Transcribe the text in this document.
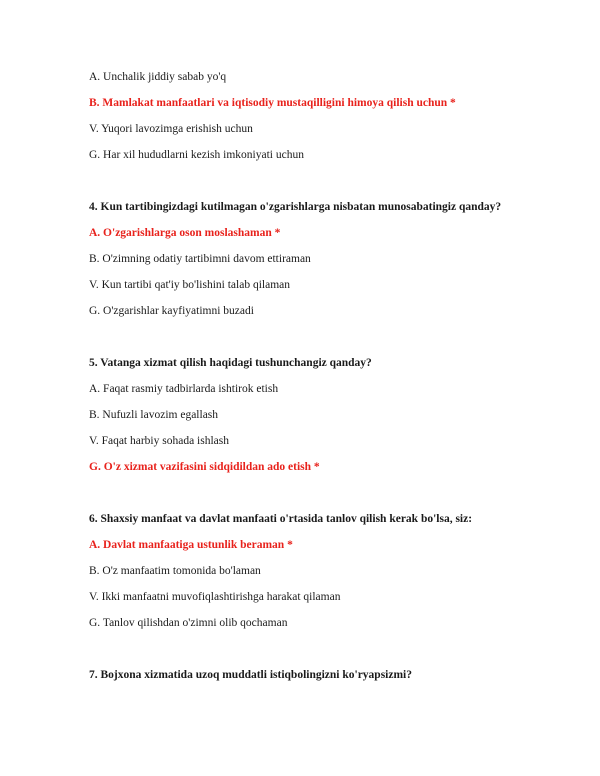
A. Unchalik jiddiy sabab yo'q
B. Mamlakat manfaatlari va iqtisodiy mustaqilligini himoya qilish uchun *
V. Yuqori lavozimga erishish uchun
G. Har xil hududlarni kezish imkoniyati uchun
4. Kun tartibingizdagi kutilmagan o'zgarishlarga nisbatan munosabatingiz qanday?
A. O'zgarishlarga oson moslashaman *
B. O'zimning odatiy tartibimni davom ettiraman
V. Kun tartibi qat'iy bo'lishini talab qilaman
G. O'zgarishlar kayfiyatimni buzadi
5. Vatanga xizmat qilish haqidagi tushunchangiz qanday?
A. Faqat rasmiy tadbirlarda ishtirok etish
B. Nufuzli lavozim egallash
V. Faqat harbiy sohada ishlash
G. O'z xizmat vazifasini sidqidildan ado etish *
6. Shaxsiy manfaat va davlat manfaati o'rtasida tanlov qilish kerak bo'lsa, siz:
A. Davlat manfaatiga ustunlik beraman *
B. O'z manfaatim tomonida bo'laman
V. Ikki manfaatni muvofiqlashtirishga harakat qilaman
G. Tanlov qilishdan o'zimni olib qochaman
7. Bojxona xizmatida uzoq muddatli istiqbolingizni ko'ryapsizmi?
